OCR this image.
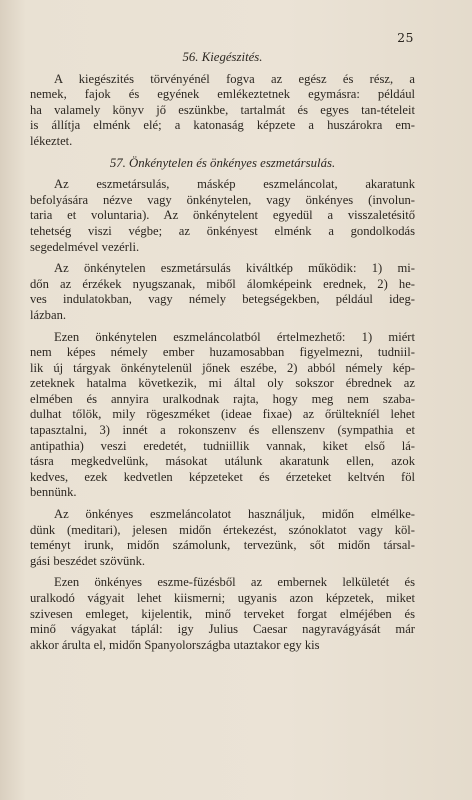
25
56. Kiegészités.

A kiegészités törvényénél fogva az egész és rész, a
nemek, fajok és egyének emlékeztetnek egymásra: például
ha valamely könyv jő eszünkbe, tartalmát és egyes tan-tételeit
is állítja elménk elé; a katonaság képzete a huszárokra em-
lékeztet.

57. Önkénytelen és önkényes eszmetársulás.

Az eszmetársulás, máskép eszmeláncolat, akaratunk
befolyására nézve vagy önkénytelen, vagy önkényes (involun-
taria et voluntaria). Az önkénytelent egyedül a visszaletésitő
tehetség viszi végbe; az önkényest elménk a gondolkodás
segedelmével vezérli.

Az önkénytelen eszmetársulás kiváltkép működik: 1) mi-
dőn az érzékek nyugszanak, miből álomképeink erednek, 2) he-
ves indulatokban, vagy némely betegségekben, például ideg-
lázban.

Ezen önkénytelen eszmeláncolatból értelmezhető: 1) miért
nem képes némely ember huzamosabban figyelmezni, tudniil-
lik új tárgyak önkénytelenül jőnek eszébe, 2) abból némely kép-
zeteknek hatalma következik, mi által oly sokszor ébrednek az
elmében és annyira uralkodnak rajta, hogy meg nem szaba-
dulhat tőlök, mily rögeszméket (ideae fixae) az őrültekníél lehet
tapasztalni, 3) innét a rokonszenv és ellenszenv (sympathia et
antipathia) veszi eredetét, tudniillik vannak, kiket első lá-
tásra megkedvelünk, másokat utálunk akaratunk ellen, azok
kedves, ezek kedvetlen képzeteket és érzeteket keltvén föl
bennünk.

Az önkényes eszmeláncolatot használjuk, midőn elmélke-
dünk (meditari), jelesen midőn értekezést, szónoklatot vagy köl-
teményt irunk, midőn számolunk, tervezünk, sőt midőn társal-
gási beszédet szövünk.

Ezen önkényes eszme-füzésből az embernek lelkületét és
uralkodó vágyait lehet kiismerni; ugyanis azon képzetek, miket
szivesen emleget, kijelentik, minő terveket forgat elméjében és
minő vágyakat táplál: igy Julius Caesar nagyravágyását már
akkor árulta el, midőn Spanyolországba utaztakor egy kis
